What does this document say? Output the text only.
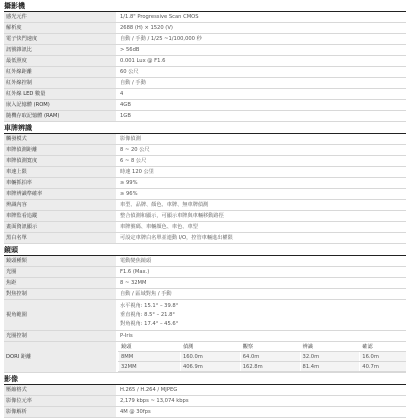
攝影機
感光元件	1/1.8" Progressive Scan CMOS
解析度	2688 (H) × 1520 (V)
電子快門速度	自動 / 手動 / 1/25 ~1/100,000 秒
訊號雜訊比	> 56dB
最低照度	0.001 Lux @ F1.6
紅外線距離	60 公尺
紅外線控制	自動 / 手動
紅外線 LED 數量	4
嵌入記憶體 (ROM)	4GB
隨機存取記憶體 (RAM)	1GB
車牌辨識
觸發模式	影像偵測
車牌偵測距離	8 ~ 20 公尺
車牌偵測寬度	6 ~ 8 公尺
車速上限	時速 120 公里
車輛抓拍率	≥ 99%
車牌辨識準確率	≥ 96%
辨識內容	車型、品牌、顏色、車牌、無車牌偵測
車牌監看追蹤	整合偵測和顯示，可顯示車牌與車輛移動路徑
畫面資訊顯示	車牌號碼、車輛顏色、車色、車型
黑白名單	可設定車牌白名單並連動 I/O，控管車輛進出權限
鏡頭
鏡頭種類	電動變焦鏡頭
光圈	F1.6 (Max.)
焦距	8 ~ 32MM
對焦控制	自動 / 區域對焦 / 手動
視角範圍
水平視角: 15.1° – 39.8°
垂直視角: 8.5° – 21.8°
對角視角: 17.4° – 45.6°
光圈控制	P-Iris
DORI 距離
鏡頭	偵測	觀察	辨識	確認
8MM	160.0m	64.0m	32.0m	16.0m
32MM	406.9m	162.8m	81.4m	40.7m
影像
壓縮格式	H.265 / H.264 / MJPEG
影像位元率	2,179 kbps ~ 13,074 kbps
影像解析	4M @ 30fps
